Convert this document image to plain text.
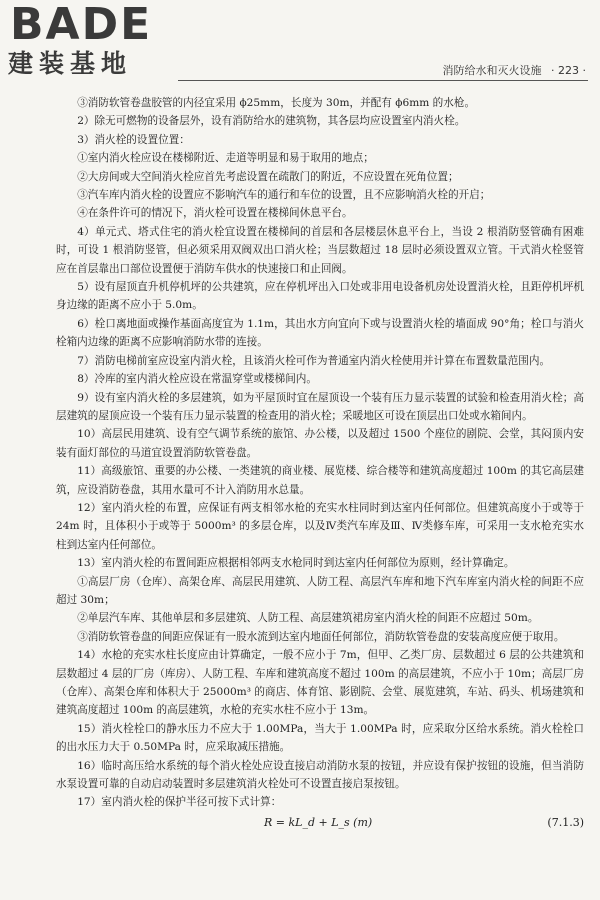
BADE
建装基地	消防给水和灭火设施 · 223 ·

③消防软管卷盘胶管的内径宜采用 ϕ25mm，长度为 30m，并配有 ϕ6mm 的水枪。

2）除无可燃物的设备层外，设有消防给水的建筑物，其各层均应设置室内消火栓。

3）消火栓的设置位置：

①室内消火栓应设在楼梯附近、走道等明显和易于取用的地点；

②大房间或大空间消火栓应首先考虑设置在疏散门的附近，不应设置在死角位置；

③汽车库内消火栓的设置应不影响汽车的通行和车位的设置，且不应影响消火栓的开启；

④在条件许可的情况下，消火栓可设置在楼梯间休息平台。

4）单元式、塔式住宅的消火栓宜设置在楼梯间的首层和各层楼层休息平台上，当设 2 根消防竖管确有困难时，可设 1 根消防竖管，但必须采用双阀双出口消火栓；当层数超过 18 层时必须设置双立管。干式消火栓竖管应在首层靠出口部位设置便于消防车供水的快速接口和止回阀。

5）设有屋顶直升机停机坪的公共建筑，应在停机坪出入口处或非用电设备机房处设置消火栓，且距停机坪机身边缘的距离不应小于 5.0m。

6）栓口离地面或操作基面高度宜为 1.1m，其出水方向宜向下或与设置消火栓的墙面成 90°角；栓口与消火栓箱内边缘的距离不应影响消防水带的连接。

7）消防电梯前室应设室内消火栓，且该消火栓可作为普通室内消火栓使用并计算在布置数量范围内。

8）冷库的室内消火栓应设在常温穿堂或楼梯间内。

9）设有室内消火栓的多层建筑，如为平屋顶时宜在屋顶设一个装有压力显示装置的试验和检查用消火栓；高层建筑的屋顶应设一个装有压力显示装置的检查用的消火栓；采暖地区可设在顶层出口处或水箱间内。

10）高层民用建筑、设有空气调节系统的旅馆、办公楼，以及超过 1500 个座位的剧院、会堂，其闷顶内安装有面灯部位的马道宜设置消防软管卷盘。

11）高级旅馆、重要的办公楼、一类建筑的商业楼、展览楼、综合楼等和建筑高度超过 100m 的其它高层建筑，应设消防卷盘，其用水量可不计入消防用水总量。

12）室内消火栓的布置，应保证有两支相邻水枪的充实水柱同时到达室内任何部位。但建筑高度小于或等于 24m 时，且体积小于或等于 5000m³ 的多层仓库，以及Ⅳ类汽车库及Ⅲ、Ⅳ类修车库，可采用一支水枪充实水柱到达室内任何部位。

13）室内消火栓的布置间距应根据相邻两支水枪同时到达室内任何部位为原则，经计算确定。

①高层厂房（仓库）、高架仓库、高层民用建筑、人防工程、高层汽车库和地下汽车库室内消火栓的间距不应超过 30m；

②单层汽车库、其他单层和多层建筑、人防工程、高层建筑裙房室内消火栓的间距不应超过 50m。

③消防软管卷盘的间距应保证有一股水流到达室内地面任何部位，消防软管卷盘的安装高度应便于取用。

14）水枪的充实水柱长度应由计算确定，一般不应小于 7m，但甲、乙类厂房、层数超过 6 层的公共建筑和层数超过 4 层的厂房（库房）、人防工程、车库和建筑高度不超过 100m 的高层建筑，不应小于 10m；高层厂房（仓库）、高架仓库和体积大于 25000m³ 的商店、体育馆、影剧院、会堂、展览建筑，车站、码头、机场建筑和建筑高度超过 100m 的高层建筑，水枪的充实水柱不应小于 13m。

15）消火栓栓口的静水压力不应大于 1.00MPa，当大于 1.00MPa 时，应采取分区给水系统。消火栓栓口的出水压力大于 0.50MPa 时，应采取减压措施。

16）临时高压给水系统的每个消火栓处应设直接启动消防水泵的按钮，并应设有保护按钮的设施，但当消防水泵设置可靠的自动启动装置时多层建筑消火栓处可不设置直接启泵按钮。

17）室内消火栓的保护半径可按下式计算：

R = kL_d + L_s (m)	(7.1.3)
